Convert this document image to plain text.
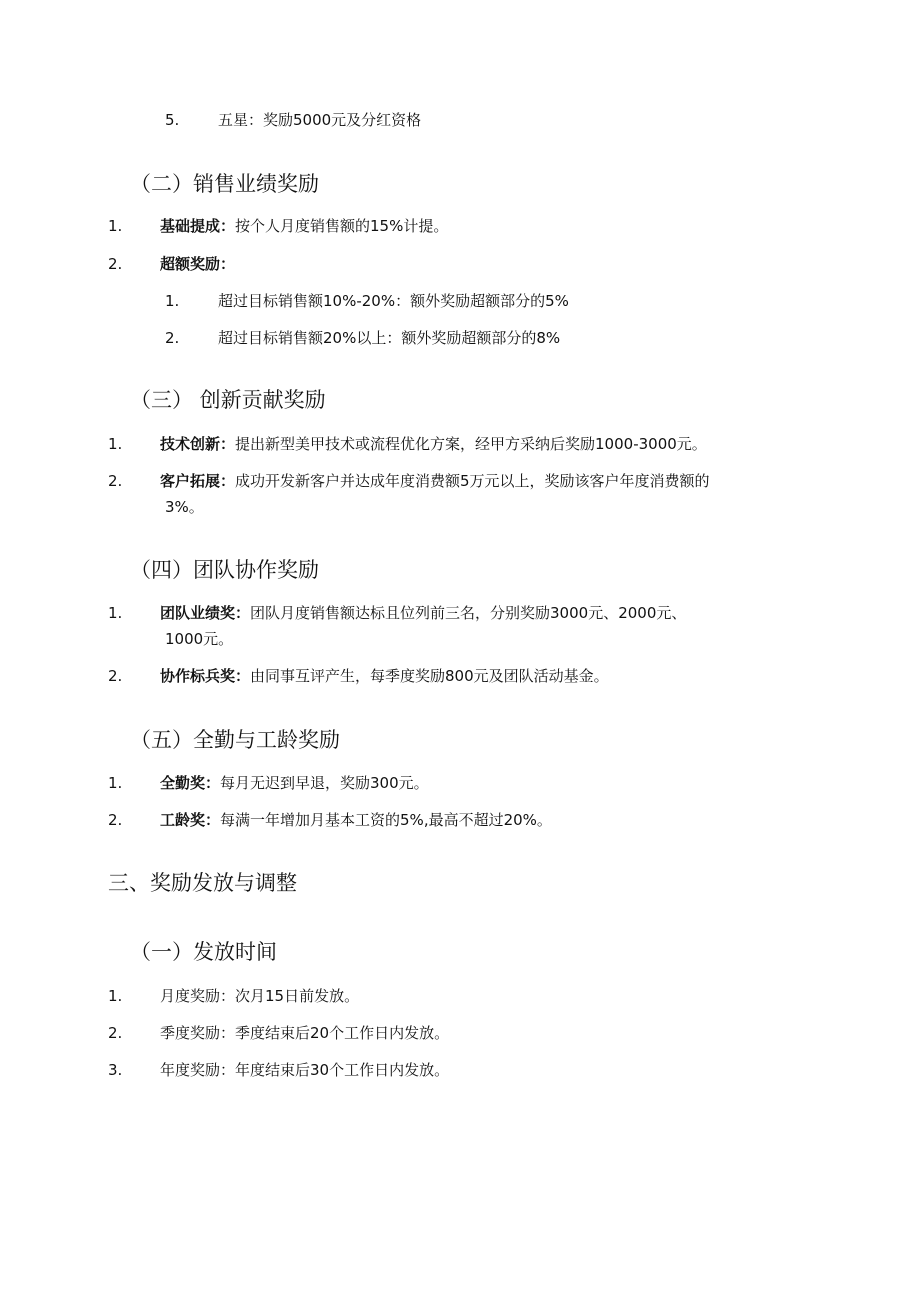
5.	五星：奖励5000元及分红资格
（二）销售业绩奖励
1.	基础提成：按个人月度销售额的15%计提。
2.	超额奖励：
1.	超过目标销售额10%-20%：额外奖励超额部分的5%
2.	超过目标销售额20%以上：额外奖励超额部分的8%
（三） 创新贡献奖励
1.	技术创新：提出新型美甲技术或流程优化方案，经甲方采纳后奖励1000-3000元。
2.	客户拓展：成功开发新客户并达成年度消费额5万元以上，奖励该客户年度消费额的
3%。
（四）团队协作奖励
1.	团队业绩奖：团队月度销售额达标且位列前三名，分别奖励3000元、2000元、
1000元。
2.	协作标兵奖：由同事互评产生，每季度奖励800元及团队活动基金。
（五）全勤与工龄奖励
1.	全勤奖：每月无迟到早退，奖励300元。
2.	工龄奖：每满一年增加月基本工资的5%,最高不超过20%。
三、奖励发放与调整
（一）发放时间
1.	月度奖励：次月15日前发放。
2.	季度奖励：季度结束后20个工作日内发放。
3.	年度奖励：年度结束后30个工作日内发放。
